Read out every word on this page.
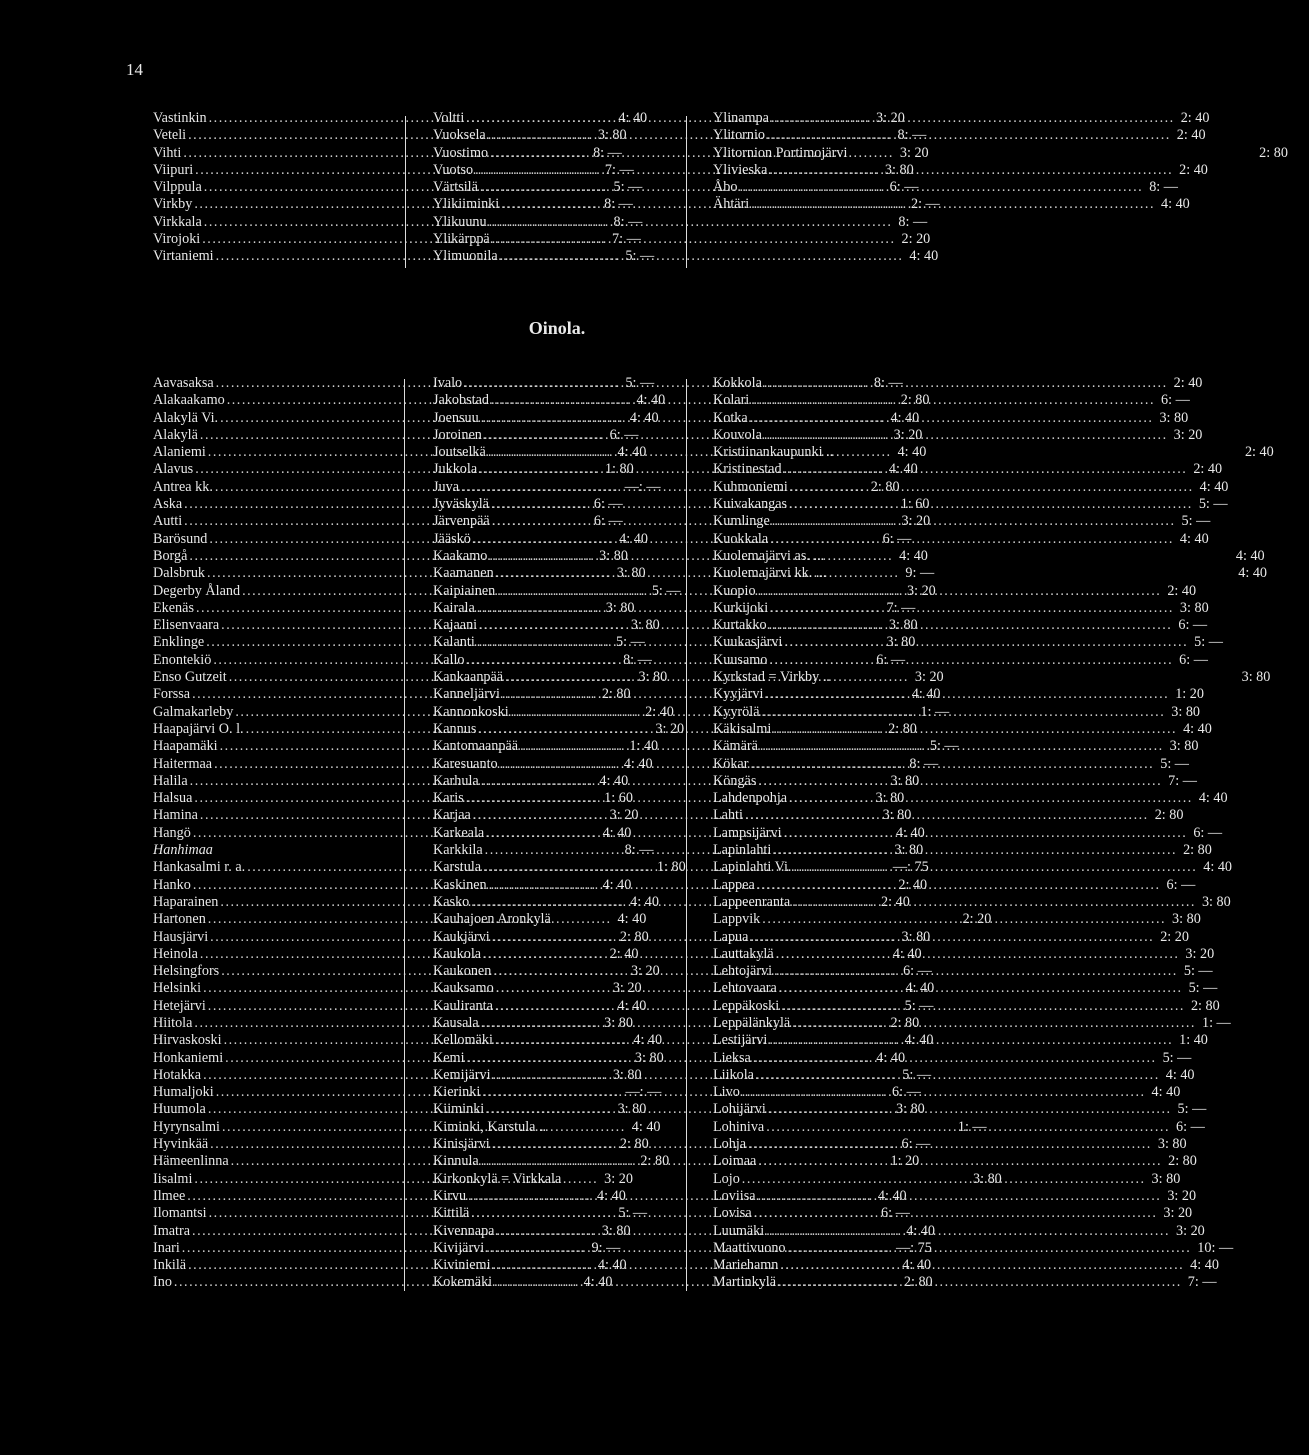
14
Vastinkin .....	4: 40
Veteli .....	3: 80
Vihti .....	8: —
Viipuri .....	7: —
Vilppula .....	5: —
Virkby .....	8: —
Virkkala .....	8: —
Virojoki .....	7: —
Virtaniemi .....	5: —
Voltti .....	3: 20
Vuoksela .....	8: —
Vuostimo .....	3: 20
Vuotso .....	3: 80
Värtsilä .....	6: —
Ylikiiminki .....	2: —
Ylikuunu .....	8: —
Ylikärppä .....	2: 20
Ylimuonila .....	4: 40
Ylinampa .....	2: 40
Ylitornio .....	2: 40
Ylitornion Portimojärvi	2: 80
Ylivieska .....	2: 40
Åbo .....	8: —
Ähtäri .....	4: 40
Oinola.
Aavasaksa .....	5: —
Alakaakamo .....	4: 40
Alakylä Vi. .....	4: 40
Alakylä .....	6: —
Alaniemi .....	4: 40
Alavus .....	1: 80
Antrea kk. .....	—: —
Aska .....	6: —
Autti .....	6: —
Barösund .....	4: 40
Borgå .....	3: 80
Dalsbruk .....	3: 80
Degerby Åland .....	5: —
Ekenäs .....	3: 80
Elisenvaara .....	3: 80
Enklinge .....	5: —
Enontekiö .....	8: —
Enso Gutzeit .....	3: 80
Forssa .....	2: 80
Galmakarleby .....	2: 40
Haapajärvi O. l. .....	3: 20
Haapamäki .....	1: 40
Haitermaa .....	4: 40
Halila .....	4: 40
Halsua .....	1: 60
Hamina .....	3: 20
Hangö .....	4: 40
Hanhimaa	8: —
Hankasalmi r. a. .....	1: 80
Hanko .....	4: 40
Haparainen .....	4: 40
Hartonen .....	4: 40
Hausjärvi .....	2: 80
Heinola .....	2: 40
Helsingfors .....	3: 20
Helsinki .....	3: 20
Hetejärvi .....	4: 40
Hiitola .....	3: 80
Hirvaskoski .....	4: 40
Honkaniemi .....	3: 80
Hotakka .....	3: 80
Humaljoki .....	—: —
Huumola .....	3: 80
Hyrynsalmi .....	4: 40
Hyvinkää .....	2: 80
Hämeenlinna .....	2: 80
Iisalmi .....	3: 20
Ilmee .....	4: 40
Ilomantsi .....	5: —
Imatra .....	3: 80
Inari .....	9: —
Inkilä .....	4: 40
Ino .....	4: 40
Ivalo .....	8: —
Jakobstad .....	2: 80
Joensuu .....	4: 40
Joroinen .....	3: 20
Joutselkä .....	4: 40
Jukkola .....	4: 40
Juva .....	2: 80
Jyväskylä .....	1: 60
Järvenpää .....	3: 20
Jääskö .....	6: —
Kaakamo .....	4: 40
Kaamanen .....	9: —
Kaipiainen .....	3: 20
Kairala .....	7: —
Kajaani .....	3: 80
Kalanti .....	3: 80
Kallo .....	6: —
Kankaanpää .....	3: 20
Kanneljärvi .....	4: 40
Kannonkoski .....	1: —
Kannus .....	2: 80
Kantomaanpää .....	5: —
Karesuanto .....	8: —
Karhula .....	3: 80
Karis .....	3: 80
Karjaa .....	3: 80
Karkeala .....	4: 40
Karkkila .....	3: 80
Karstula .....	—: 75
Kaskinen .....	2: 40
Kasko .....	2: 40
Kauhajoen Aronkylä	2: 20
Kaukjärvi .....	3: 80
Kaukola .....	4: 40
Kaukonen .....	6: —
Kauksamo .....	4: 40
Kauliranta .....	5: —
Kausala .....	2: 80
Kellomäki .....	4: 40
Kemi .....	4: 40
Kemijärvi .....	5: —
Kierinki .....	6: —
Kiiminki .....	3: 80
Kiminki, Karstula ..	1: —
Kinisjärvi .....	6: —
Kinnula .....	1: 20
Kirkonkylä = Virkkala	3: 80
Kirvu .....	4: 40
Kittilä .....	6: —
Kivennapa .....	4: 40
Kivijärvi .....	—: 75
Kiviniemi .....	4: 40
Kokemäki .....	2: 80
Kokkola .....	2: 40
Kolari .....	6: —
Kotka .....	3: 80
Kouvola .....	3: 20
Kristiinankaupunki ..	2: 40
Kristinestad .....	2: 40
Kuhmoniemi .....	4: 40
Kuivakangas .....	5: —
Kumlinge .....	5: —
Kuokkala .....	4: 40
Kuolemajärvi as. ...	4: 40
Kuolemajärvi kk. ...	4: 40
Kuopio .....	2: 40
Kurkijoki .....	3: 80
Kurtakko .....	6: —
Kuukasjärvi .....	5: —
Kuusamo .....	6: —
Kyrkstad = Virkby ..	3: 80
Kyyjärvi .....	1: 20
Kyyrölä .....	3: 80
Käkisalmi .....	4: 40
Kämärä .....	3: 80
Kökar .....	5: —
Köngäs .....	7: —
Lahdenpohja .....	4: 40
Lahti .....	2: 80
Lampsijärvi .....	6: —
Lapinlahti .....	2: 80
Lapinlahti Vi. .....	4: 40
Lappea .....	6: —
Lappeenranta .....	3: 80
Lappvik .....	3: 80
Lapua .....	2: 20
Lauttakylä .....	3: 20
Lehtojärvi .....	5: —
Lehtovaara .....	5: —
Leppäkoski .....	2: 80
Leppälänkylä .....	1: —
Lestijärvi .....	1: 40
Lieksa .....	5: —
Liikola .....	4: 40
Livo .....	4: 40
Lohijärvi .....	5: —
Lohiniva .....	6: —
Lohja .....	3: 80
Loimaa .....	2: 80
Lojo .....	3: 80
Loviisa .....	3: 20
Lovisa .....	3: 20
Luumäki .....	3: 20
Maattivuono .....	10: —
Mariehamn .....	4: 40
Martinkylä .....	7: —
